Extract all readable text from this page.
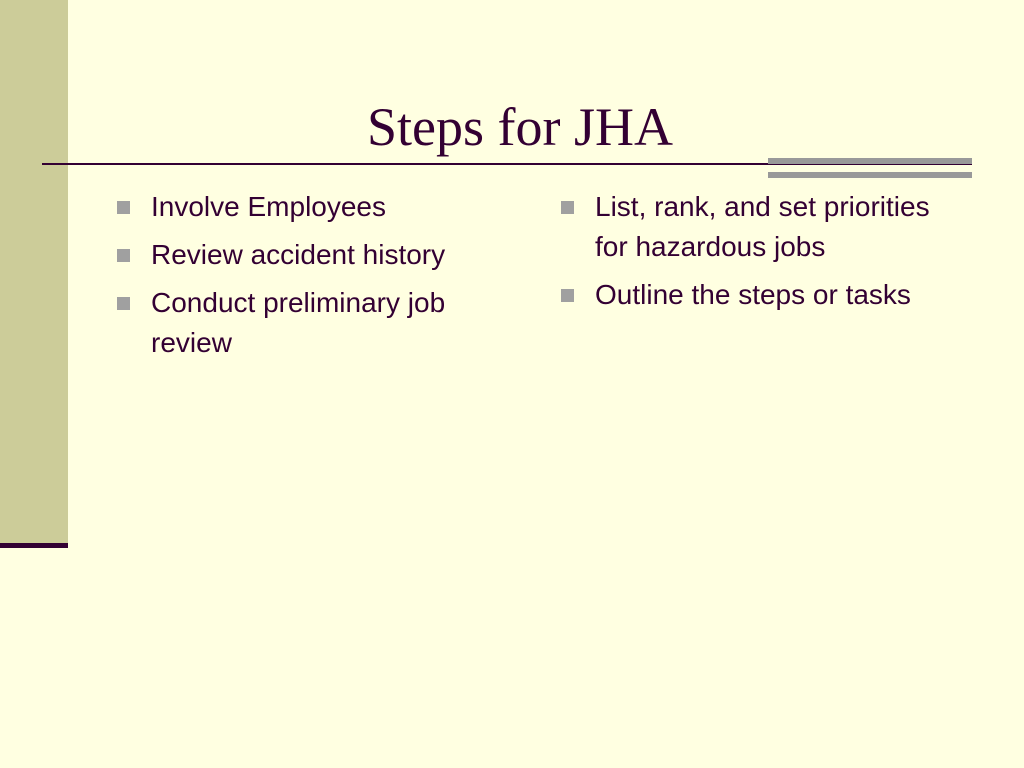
Steps for JHA
Involve Employees
Review accident history
Conduct preliminary job review
List, rank, and set priorities for hazardous jobs
Outline the steps or tasks
